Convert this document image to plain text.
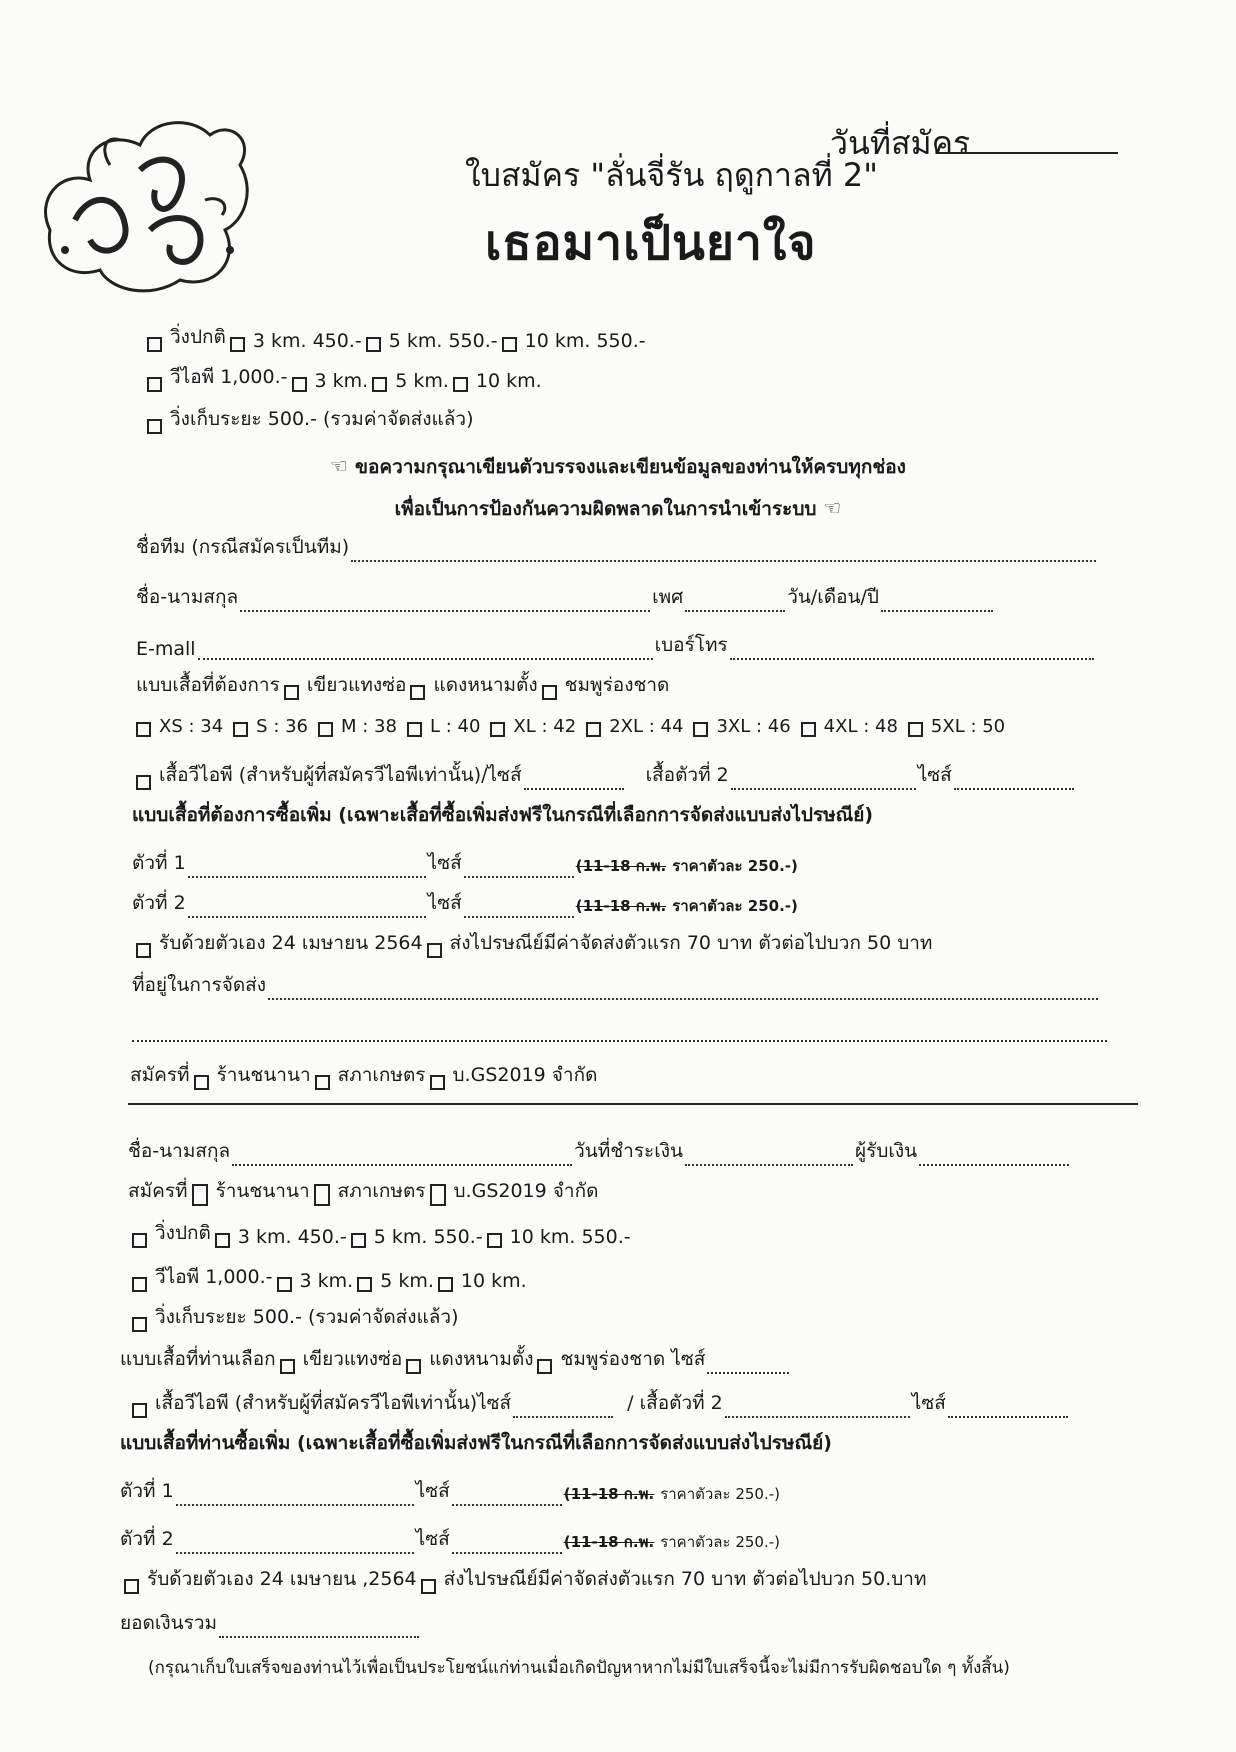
วันที่สมัคร
ใบสมัคร "ลั่นจี่รัน ฤดูกาลที่ 2"
เธอมาเป็นยาใจ
วิ่งปกติ 3 km. 450.- 5 km. 550.- 10 km. 550.-
วีไอพี 1,000.- 3 km. 5 km. 10 km.
วิ่งเก็บระยะ 500.- (รวมค่าจัดส่งแล้ว)
☜ ขอความกรุณาเขียนตัวบรรจงและเขียนข้อมูลของท่านให้ครบทุกช่อง
เพื่อเป็นการป้องกันความผิดพลาดในการนำเข้าระบบ ☜
ชื่อทีม (กรณีสมัครเป็นทีม)
ชื่อ-นามสกุล	เพศ	วัน/เดือน/ปี
E-mall	เบอร์โทร
แบบเสื้อที่ต้องการ เขียวแทงซ่อ แดงหนามตั้ง ชมพูร่องชาด
XS : 34 S : 36 M : 38 L : 40 XL : 42 2XL : 44 3XL : 46 4XL : 48 5XL : 50
เสื้อวีไอพี (สำหรับผู้ที่สมัครวีไอพีเท่านั้น)/ไซส์	เสื้อตัวที่ 2	ไซส์
แบบเสื้อที่ต้องการซื้อเพิ่ม (เฉพาะเสื้อที่ซื้อเพิ่มส่งฟรีในกรณีที่เลือกการจัดส่งแบบส่งไปรษณีย์)
ตัวที่ 1	ไซส์	(11-18 ก.พ.
ราคาตัวละ 250.-)
ตัวที่ 2	ไซส์	(11-18 ก.พ.
ราคาตัวละ 250.-)
รับด้วยตัวเอง 24 เมษายน 2564 ส่งไปรษณีย์มีค่าจัดส่งตัวแรก 70 บาท ตัวต่อไปบวก 50 บาท
ที่อยู่ในการจัดส่ง
สมัครที่ ร้านชนานา สภาเกษตร บ.GS2019 จำกัด
ชื่อ-นามสกุล	วันที่ชำระเงิน	ผู้รับเงิน
สมัครที่ ร้านชนานา สภาเกษตร บ.GS2019 จำกัด
วิ่งปกติ 3 km. 450.- 5 km. 550.- 10 km. 550.-
วีไอพี 1,000.- 3 km. 5 km. 10 km.
วิ่งเก็บระยะ 500.- (รวมค่าจัดส่งแล้ว)
แบบเสื้อที่ท่านเลือก เขียวแทงซ่อ แดงหนามตั้ง ชมพูร่องชาด
ไซส์
เสื้อวีไอพี (สำหรับผู้ที่สมัครวีไอพีเท่านั้น)ไซส์	/ เสื้อตัวที่ 2	ไซส์
แบบเสื้อที่ท่านซื้อเพิ่ม (เฉพาะเสื้อที่ซื้อเพิ่มส่งฟรีในกรณีที่เลือกการจัดส่งแบบส่งไปรษณีย์)
ตัวที่ 1	ไซส์	(11-18 ก.พ.
ราคาตัวละ 250.-)
ตัวที่ 2	ไซส์	(11-18 ก.พ.
ราคาตัวละ 250.-)
รับด้วยตัวเอง 24 เมษายน ,2564 ส่งไปรษณีย์มีค่าจัดส่งตัวแรก 70 บาท ตัวต่อไปบวก 50.บาท
ยอดเงินรวม
(กรุณาเก็บใบเสร็จของท่านไว้เพื่อเป็นประโยชน์แก่ท่านเมื่อเกิดปัญหาหากไม่มีใบเสร็จนี้จะไม่มีการรับผิดชอบใด ๆ ทั้งสิ้น)
